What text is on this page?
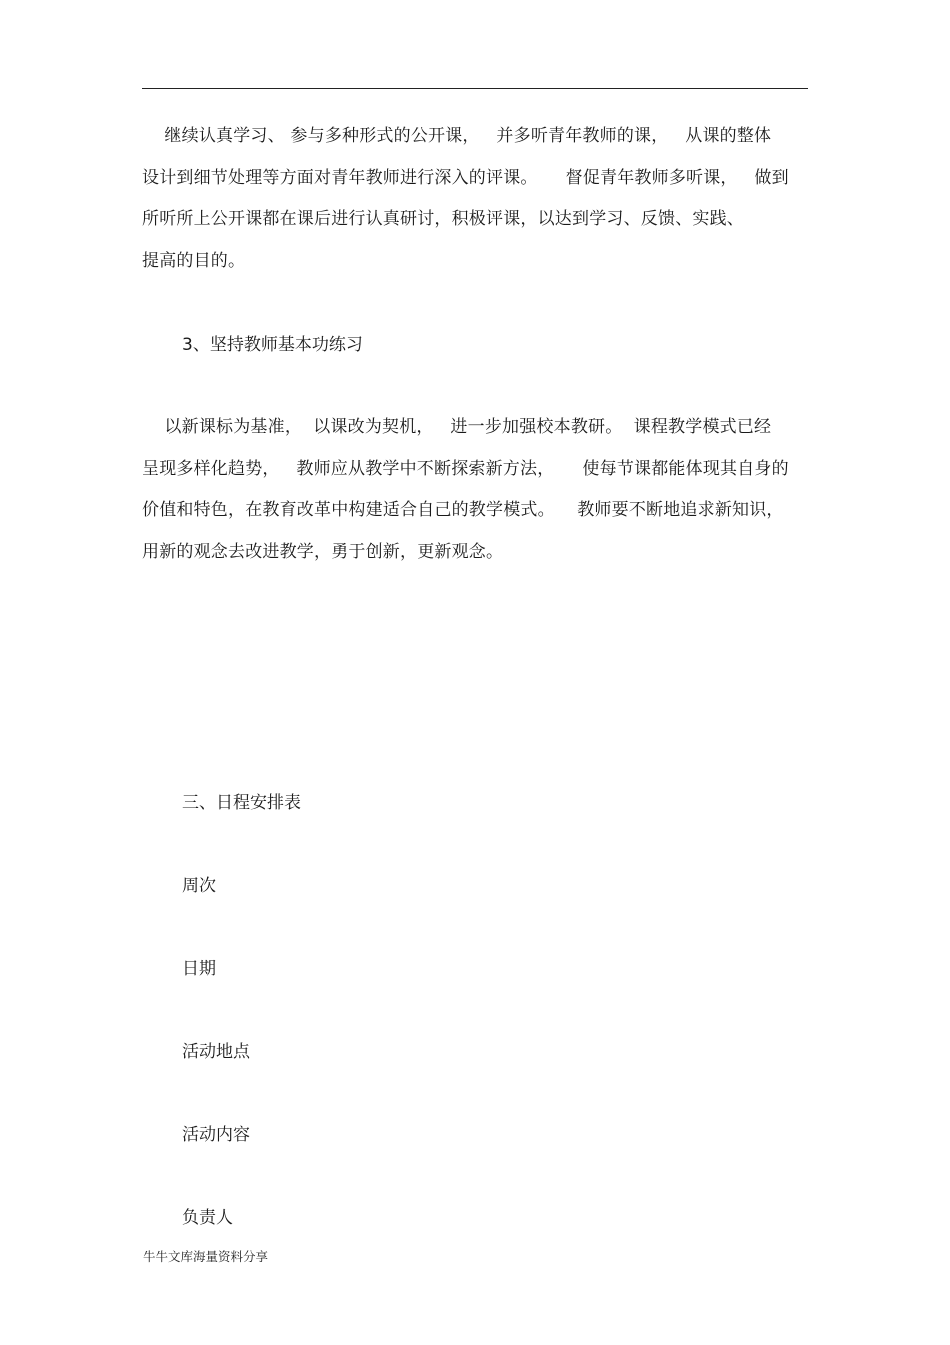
继续认真学习、 参与多种形式的公开课，   并多听青年教师的课，   从课的整体
设计到细节处理等方面对青年教师进行深入的评课。     督促青年教师多听课，   做到
所听所上公开课都在课后进行认真研讨，积极评课，以达到学习、反馈、实践、
提高的目的。

3、坚持教师基本功练习

以新课标为基准，  以课改为契机，   进一步加强校本教研。  课程教学模式已经
呈现多样化趋势，   教师应从教学中不断探索新方法，     使每节课都能体现其自身的
价值和特色，在教育改革中构建适合自己的教学模式。    教师要不断地追求新知识，
用新的观念去改进教学，勇于创新，更新观念。

三、日程安排表

周次

日期

活动地点

活动内容

负责人

牛牛文库海量资料分享
